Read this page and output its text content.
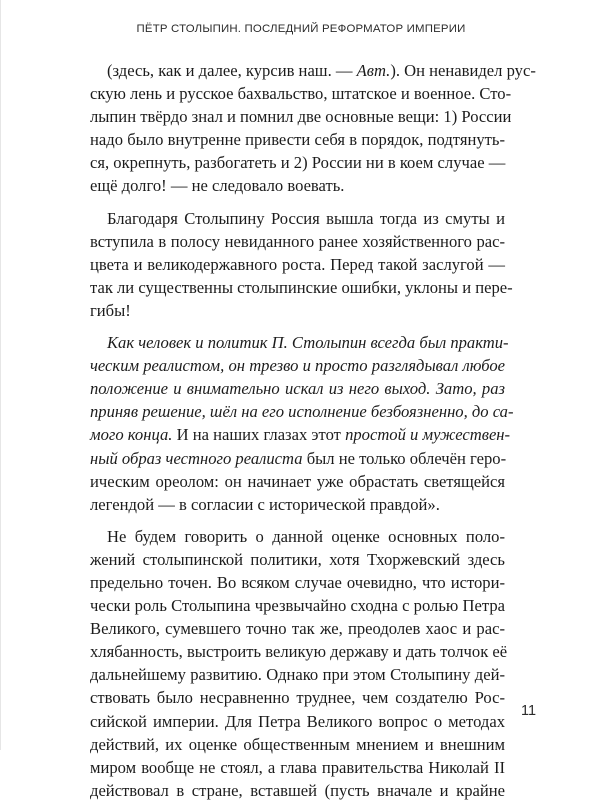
ПЁТР СТОЛЫПИН. ПОСЛЕДНИЙ РЕФОРМАТОР ИМПЕРИИ

(здесь, как и далее, курсив наш. — Авт.). Он ненавидел рус-
скую лень и русское бахвальство, штатское и военное. Сто-
лыпин твёрдо знал и помнил две основные вещи: 1) России
надо было внутренне привести себя в порядок, подтянуть-
ся, окрепнуть, разбогатеть и 2) России ни в коем случае —
ещё долго! — не следовало воевать.

Благодаря Столыпину Россия вышла тогда из смуты и
вступила в полосу невиданного ранее хозяйственного рас-
цвета и великодержавного роста. Перед такой заслугой —
так ли существенны столыпинские ошибки, уклоны и пере-
гибы!

Как человек и политик П. Столыпин всегда был практи-
ческим реалистом, он трезво и просто разглядывал любое
положение и внимательно искал из него выход. Зато, раз
приняв решение, шёл на его исполнение безбоязненно, до са-
мого конца. И на наших глазах этот простой и мужествен-
ный образ честного реалиста был не только облечён геро-
ическим ореолом: он начинает уже обрастать светящейся
легендой — в согласии с исторической правдой».

Не будем говорить о данной оценке основных поло-
жений столыпинской политики, хотя Тхоржевский здесь
предельно точен. Во всяком случае очевидно, что истори-
чески роль Столыпина чрезвычайно сходна с ролью Петра
Великого, сумевшего точно так же, преодолев хаос и рас-
хлябанность, выстроить великую державу и дать толчок её
дальнейшему развитию. Однако при этом Столыпину дей-
ствовать было несравненно труднее, чем создателю Рос-
сийской империи. Для Петра Великого вопрос о методах
действий, их оценке общественным мнением и внешним
миром вообще не стоял, а глава правительства Николай II
действовал в стране, вставшей (пусть вначале и крайне

11
